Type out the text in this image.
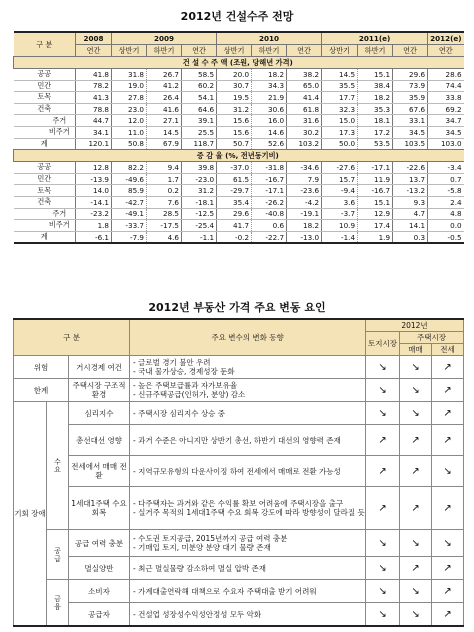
2012년 건설수주 전망
구 분		2008	2009			2010			2011(e)			2012(e)
		연간	상반기	하반기	연간	상반기	하반기	연간	상반기	하반기	연간	연간
건 설 수 주 액 (조원, 당해년 가격)												
공공		41.8	31.8	26.7	58.5	20.0	18.2	38.2	14.5	15.1	29.6	28.6
민간		78.2	19.0	41.2	60.2	30.7	34.3	65.0	35.5	38.4	73.9	74.4
토목		41.3	27.8	26.4	54.1	19.5	21.9	41.4	17.7	18.2	35.9	33.8
건축		78.8	23.0	41.6	64.6	31.2	30.6	61.8	32.3	35.3	67.6	69.2
	주거	44.7	12.0	27.1	39.1	15.6	16.0	31.6	15.0	18.1	33.1	34.7
	비주거	34.1	11.0	14.5	25.5	15.6	14.6	30.2	17.3	17.2	34.5	34.5
계		120.1	50.8	67.9	118.7	50.7	52.6	103.2	50.0	53.5	103.5	103.0
증 감 율 (%, 전년동기비)												
공공		12.8	82.2	9.4	39.8	-37.0	-31.8	-34.6	-27.6	-17.1	-22.6	-3.4
민간		-13.9	-49.6	1.7	-23.0	61.5	-16.7	7.9	15.7	11.9	13.7	0.7
토목		14.0	85.9	0.2	31.2	-29.7	-17.1	-23.6	-9.4	-16.7	-13.2	-5.8
건축		-14.1	-42.7	7.6	-18.1	35.4	-26.2	-4.2	3.6	15.1	9.3	2.4
	주거	-23.2	-49.1	28.5	-12.5	29.6	-40.8	-19.1	-3.7	12.9	4.7	4.8
	비주거	1.8	-33.7	-17.5	-25.4	41.7	0.6	18.2	10.9	17.4	14.1	0.0
계		-6.1	-7.9	4.6	-1.1	-0.2	-22.7	-13.0	-1.4	1.9	0.3	-0.5
2012년 부동산 가격 주요 변동 요인
구 분			주요 변수의 변화 동향	2012년		
				토지시장	주택시장	
					매매	전세
위험		거시경제 여건	- 글로벌 경기 불안 우려
- 국내 물가상승, 경제성장 둔화	↘	↘	↗
한계		주택시장 구조적 환경	- 높은 주택보급률과 자가보유율
- 신규주택공급(인허가, 분양) 감소	↘	↘	↗
기회 장애	수요	심리지수	- 주택시장 심리지수 상승 중	↘	↘	↗
		총선대선 영향	- 과거 수준은 아니지만 상반기 총선, 하반기 대선의 영향력 존재	↗	↗	↗
		전세에서 매매 전환	- 지역규모유형의 다운사이징 하여 전세에서 매매로 전환 가능성	↗	↗	↘
		1세대1주택 수요회복	- 다주택자는 과거와 같은 수익률 확보 어려움에 주택시장을 출구
- 실거주 목적의 1세대1주택 수요 회복 강도에 따라 방향성이 달라질 듯	↗	↗	↗
	공급	공급 여력 충분	- 수도권 토지공급, 2015년까지 공급 여력 충분
- 기매입 토지, 미분양 분양 대기 물량 존재	↘	↘	↘
		멸실양반	- 최근 멸실물량 감소하여 멸실 압박 존재	↘	↗	↗
	금융	소비자	- 가계대출연락해 대책으로 수요자 주택대출 받기 어려워	↘	↘	↗
		공급자	- 건설업 성장성수익성안정성 모두 악화	↘	↘	↗
